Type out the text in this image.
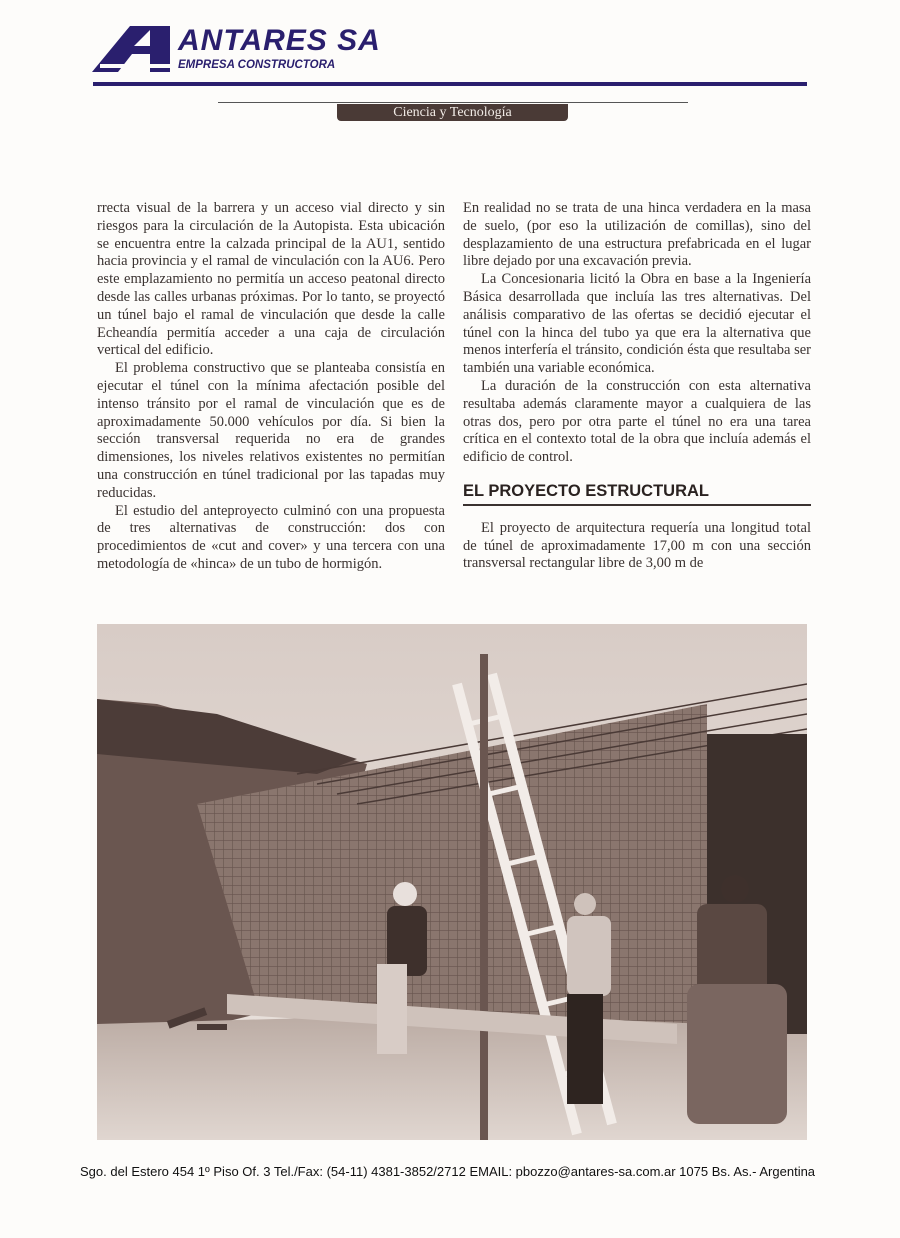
ANTARES SA
EMPRESA CONSTRUCTORA
Ciencia y Tecnología

rrecta visual de la barrera y un acceso vial directo y sin riesgos para la circulación de la Autopista. Esta ubicación se encuentra entre la calzada principal de la AU1, sentido hacia provincia y el ramal de vinculación con la AU6. Pero este emplazamiento no permitía un acceso peatonal directo desde las calles urbanas próximas. Por lo tanto, se proyectó un túnel bajo el ramal de vinculación que desde la calle Echeandía permitía acceder a una caja de circulación vertical del edificio.

El problema constructivo que se planteaba consistía en ejecutar el túnel con la mínima afectación posible del intenso tránsito por el ramal de vinculación que es de aproximadamente 50.000 vehículos por día. Si bien la sección transversal requerida no era de grandes dimensiones, los niveles relativos existentes no permitían una construcción en túnel tradicional por las tapadas muy reducidas.

El estudio del anteproyecto culminó con una propuesta de tres alternativas de construcción: dos con procedimientos de «cut and cover» y una tercera con una metodología de «hinca» de un tubo de hormigón.

En realidad no se trata de una hinca verdadera en la masa de suelo, (por eso la utilización de comillas), sino del desplazamiento de una estructura prefabricada en el lugar libre dejado por una excavación previa.

La Concesionaria licitó la Obra en base a la Ingeniería Básica desarrollada que incluía las tres alternativas. Del análisis comparativo de las ofertas se decidió ejecutar el túnel con la hinca del tubo ya que era la alternativa que menos interfería el tránsito, condición ésta que resultaba ser también una variable económica.

La duración de la construcción con esta alternativa resultaba además claramente mayor a cualquiera de las otras dos, pero por otra parte el túnel no era una tarea crítica en el contexto total de la obra que incluía además el edificio de control.

EL PROYECTO ESTRUCTURAL

El proyecto de arquitectura requería una longitud total de túnel de aproximadamente 17,00 m con una sección transversal rectangular libre de 3,00 m de

Sgo. del Estero 454 1º Piso Of. 3 Tel./Fax: (54-11) 4381-3852/2712 EMAIL: pbozzo@antares-sa.com.ar 1075 Bs. As.- Argentina
